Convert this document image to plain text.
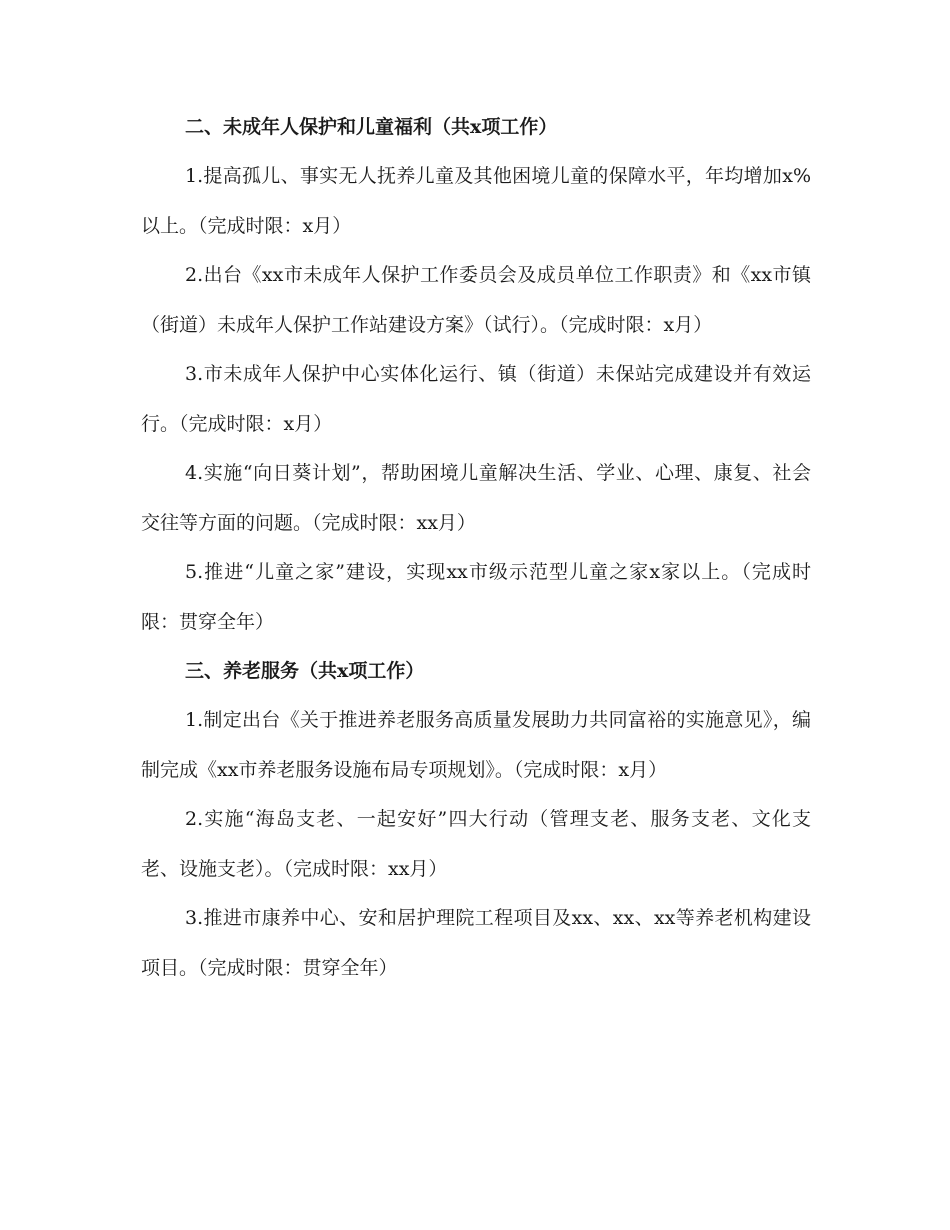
二、未成年人保护和儿童福利（共x项工作）

1.提高孤儿、事实无人抚养儿童及其他困境儿童的保障水平，年均增加x%以上。（完成时限：x月）

2.出台《xx市未成年人保护工作委员会及成员单位工作职责》和《xx市镇（街道）未成年人保护工作站建设方案》（试行）。（完成时限：x月）

3.市未成年人保护中心实体化运行、镇（街道）未保站完成建设并有效运行。（完成时限：x月）

4.实施“向日葵计划”，帮助困境儿童解决生活、学业、心理、康复、社会交往等方面的问题。（完成时限：xx月）

5.推进“儿童之家”建设，实现xx市级示范型儿童之家x家以上。（完成时限：贯穿全年）

三、养老服务（共x项工作）

1.制定出台《关于推进养老服务高质量发展助力共同富裕的实施意见》，编制完成《xx市养老服务设施布局专项规划》。（完成时限：x月）

2.实施“海岛支老、一起安好”四大行动（管理支老、服务支老、文化支老、设施支老）。（完成时限：xx月）

3.推进市康养中心、安和居护理院工程项目及xx、xx、xx等养老机构建设项目。（完成时限：贯穿全年）
